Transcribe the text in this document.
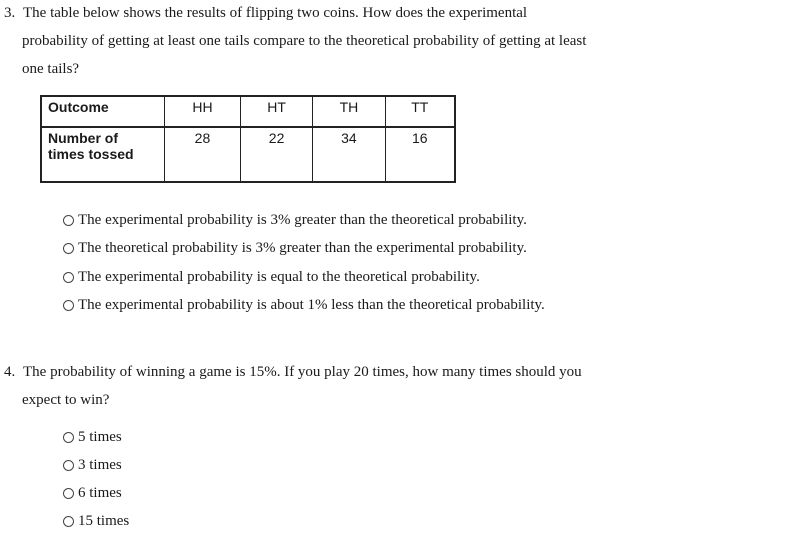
3. The table below shows the results of flipping two coins. How does the experimental
probability of getting at least one tails compare to the theoretical probability of getting at least
one tails?
Outcome	HH	HT	TH	TT

Number of
times tossed	28	22	34	16
The experimental probability is 3% greater than the theoretical probability.
The theoretical probability is 3% greater than the experimental probability.
The experimental probability is equal to the theoretical probability.
The experimental probability is about 1% less than the theoretical probability.
4. The probability of winning a game is 15%. If you play 20 times, how many times should you
expect to win?
5 times
3 times
6 times
15 times
